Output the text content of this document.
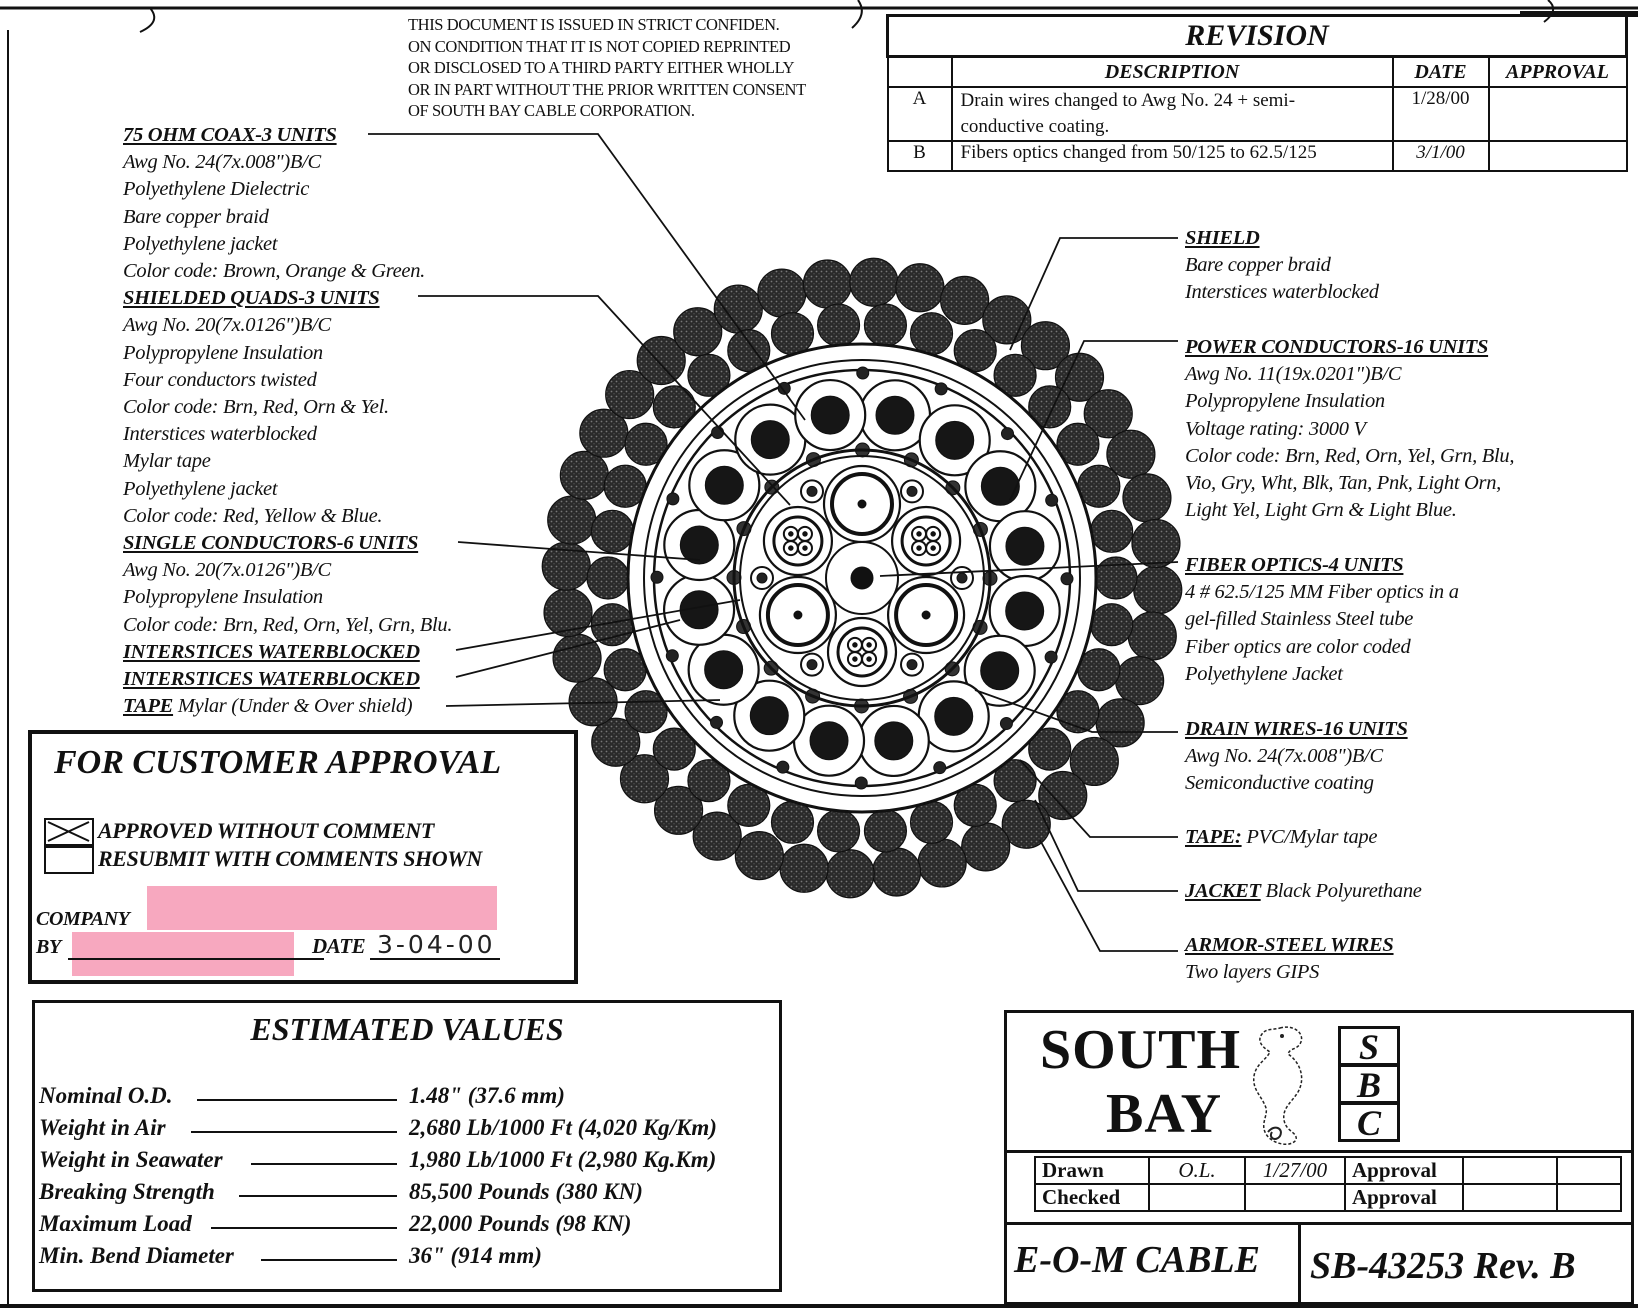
THIS DOCUMENT IS ISSUED IN STRICT CONFIDEN.
ON CONDITION THAT IT IS NOT COPIED REPRINTED
OR DISCLOSED TO A THIRD PARTY EITHER WHOLLY
OR IN PART WITHOUT THE PRIOR WRITTEN CONSENT
OF SOUTH BAY CABLE CORPORATION.
REVISION			
	DESCRIPTION	DATE	APPROVAL
A	Drain wires changed to Awg No. 24 + semi-
conductive coating.	1/28/00	
B	Fibers optics changed from 50/125 to 62.5/125	3/1/00	
75 OHM COAX-3 UNITS
Awg No. 24(7x.008")B/C
Polyethylene Dielectric
Bare copper braid
Polyethylene jacket
Color code: Brown, Orange & Green.
SHIELDED QUADS-3 UNITS
Awg No. 20(7x.0126")B/C
Polypropylene Insulation
Four conductors twisted
Color code: Brn, Red, Orn & Yel.
Interstices waterblocked
Mylar tape
Polyethylene jacket
Color code: Red, Yellow & Blue.
SINGLE CONDUCTORS-6 UNITS
Awg No. 20(7x.0126")B/C
Polypropylene Insulation
Color code: Brn, Red, Orn, Yel, Grn, Blu.
INTERSTICES WATERBLOCKED
INTERSTICES WATERBLOCKED
TAPE Mylar (Under & Over shield)
SHIELD
Bare copper braid
Interstices waterblocked
POWER CONDUCTORS-16 UNITS
Awg No. 11(19x.0201")B/C
Polypropylene Insulation
Voltage rating: 3000 V
Color code: Brn, Red, Orn, Yel, Grn, Blu,
Vio, Gry, Wht, Blk, Tan, Pnk, Light Orn,
Light Yel, Light Grn & Light Blue.
FIBER OPTICS-4 UNITS
4 # 62.5/125 MM Fiber optics in a
gel-filled Stainless Steel tube
Fiber optics are color coded
Polyethylene Jacket
DRAIN WIRES-16 UNITS
Awg No. 24(7x.008")B/C
Semiconductive coating
TAPE: PVC/Mylar tape
JACKET Black Polyurethane
ARMOR-STEEL WIRES
Two layers GIPS
FOR CUSTOMER APPROVAL
APPROVED WITHOUT COMMENT
RESUBMIT WITH COMMENTS SHOWN
COMPANY
BY	DATE 3-04-00
ESTIMATED VALUES
Nominal O.D.	1.48" (37.6 mm)
Weight in Air	2,680 Lb/1000 Ft (4,020 Kg/Km)
Weight in Seawater	1,980 Lb/1000 Ft (2,980 Kg.Km)
Breaking Strength	85,500 Pounds (380 KN)
Maximum Load	22,000 Pounds (98 KN)
Min. Bend Diameter	36" (914 mm)
SOUTH
BAY
S
B
C
Drawn	O.L.	1/27/00	Approval		
Checked			Approval		
E-O-M CABLE SB-43253 Rev. B
